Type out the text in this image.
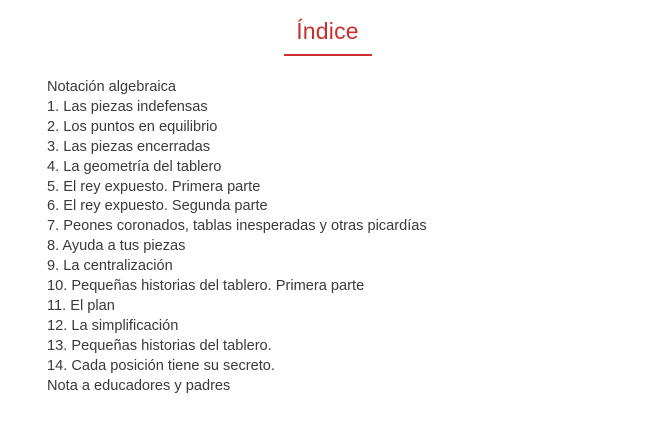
Índice
Notación algebraica
1. Las piezas indefensas
2. Los puntos en equilibrio
3. Las piezas encerradas
4. La geometría del tablero
5. El rey expuesto. Primera parte
6. El rey expuesto. Segunda parte
7. Peones coronados, tablas inesperadas y otras picardías
8. Ayuda a tus piezas
9. La centralización
10. Pequeñas historias del tablero. Primera parte
11. El plan
12. La simplificación
13. Pequeñas historias del tablero.
14. Cada posición tiene su secreto.
Nota a educadores y padres
